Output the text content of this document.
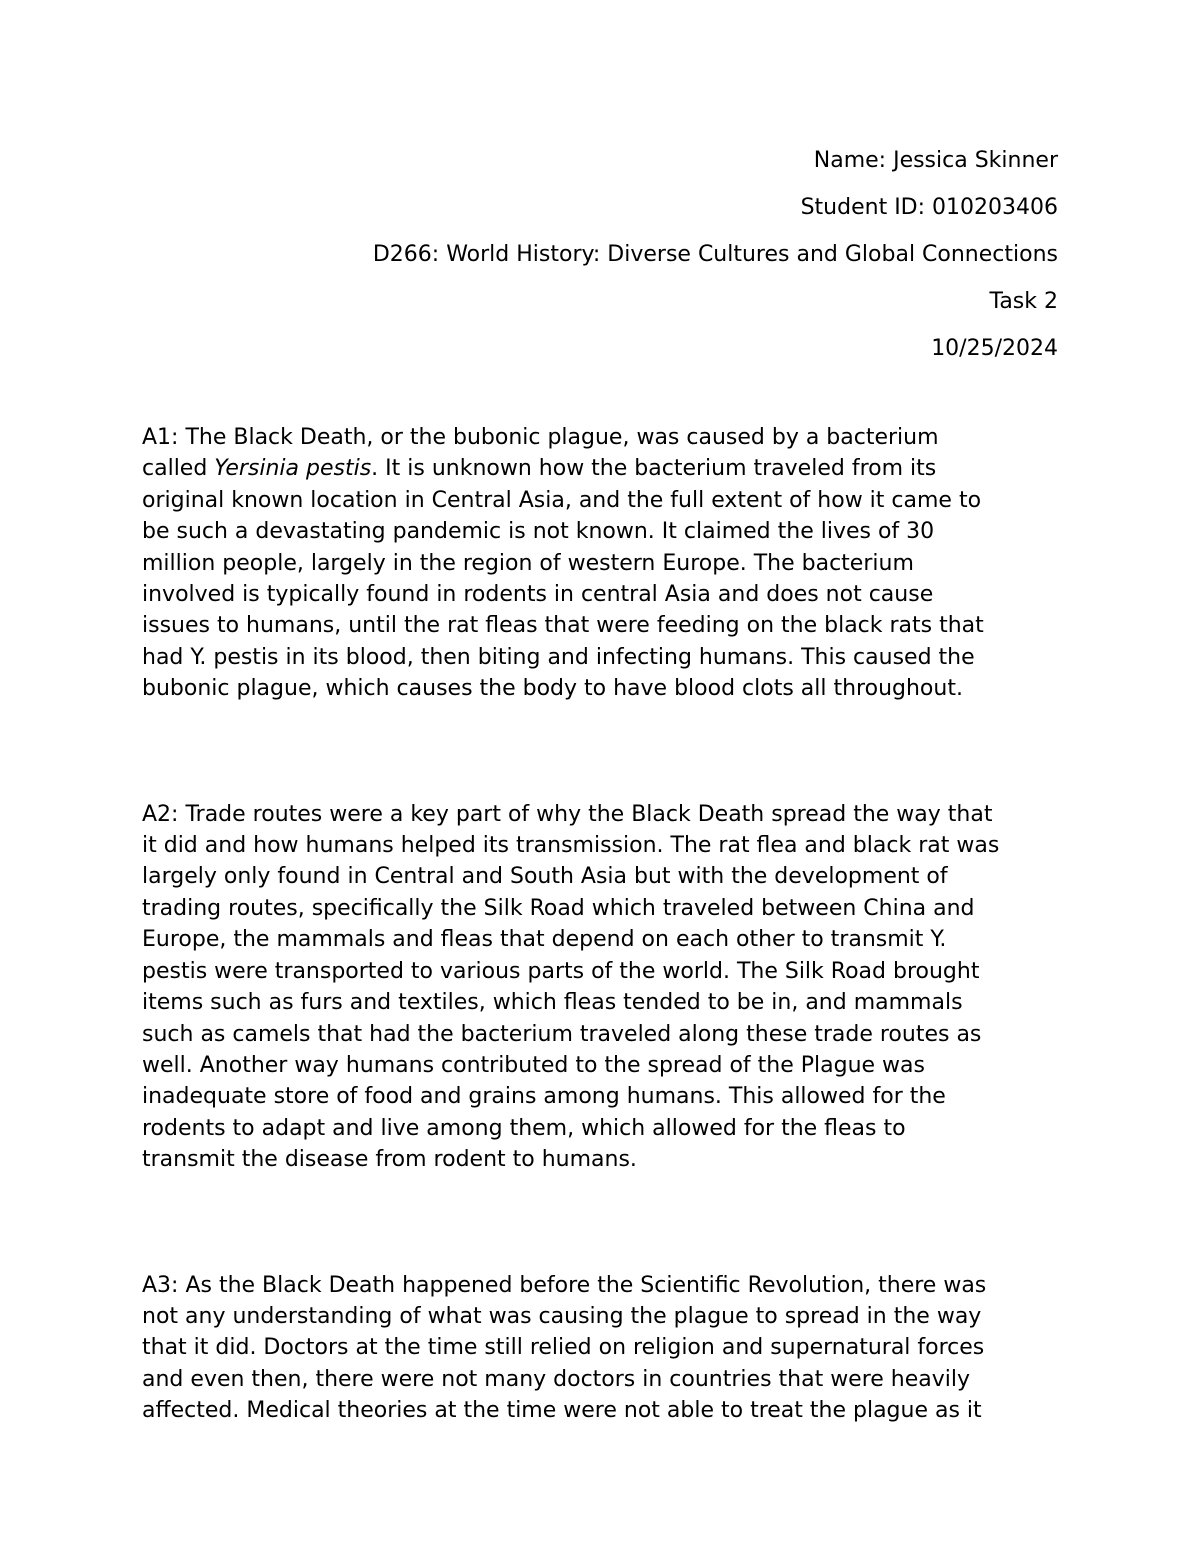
Name: Jessica Skinner
Student ID: 010203406
D266: World History: Diverse Cultures and Global Connections
Task 2
10/25/2024

A1: The Black Death, or the bubonic plague, was caused by a bacterium
called Yersinia pestis. It is unknown how the bacterium traveled from its
original known location in Central Asia, and the full extent of how it came to
be such a devastating pandemic is not known. It claimed the lives of 30
million people, largely in the region of western Europe. The bacterium
involved is typically found in rodents in central Asia and does not cause
issues to humans, until the rat fleas that were feeding on the black rats that
had Y. pestis in its blood, then biting and infecting humans. This caused the
bubonic plague, which causes the body to have blood clots all throughout.

A2: Trade routes were a key part of why the Black Death spread the way that
it did and how humans helped its transmission. The rat flea and black rat was
largely only found in Central and South Asia but with the development of
trading routes, specifically the Silk Road which traveled between China and
Europe, the mammals and fleas that depend on each other to transmit Y.
pestis were transported to various parts of the world. The Silk Road brought
items such as furs and textiles, which fleas tended to be in, and mammals
such as camels that had the bacterium traveled along these trade routes as
well. Another way humans contributed to the spread of the Plague was
inadequate store of food and grains among humans. This allowed for the
rodents to adapt and live among them, which allowed for the fleas to
transmit the disease from rodent to humans.

A3: As the Black Death happened before the Scientific Revolution, there was
not any understanding of what was causing the plague to spread in the way
that it did. Doctors at the time still relied on religion and supernatural forces
and even then, there were not many doctors in countries that were heavily
affected. Medical theories at the time were not able to treat the plague as it
